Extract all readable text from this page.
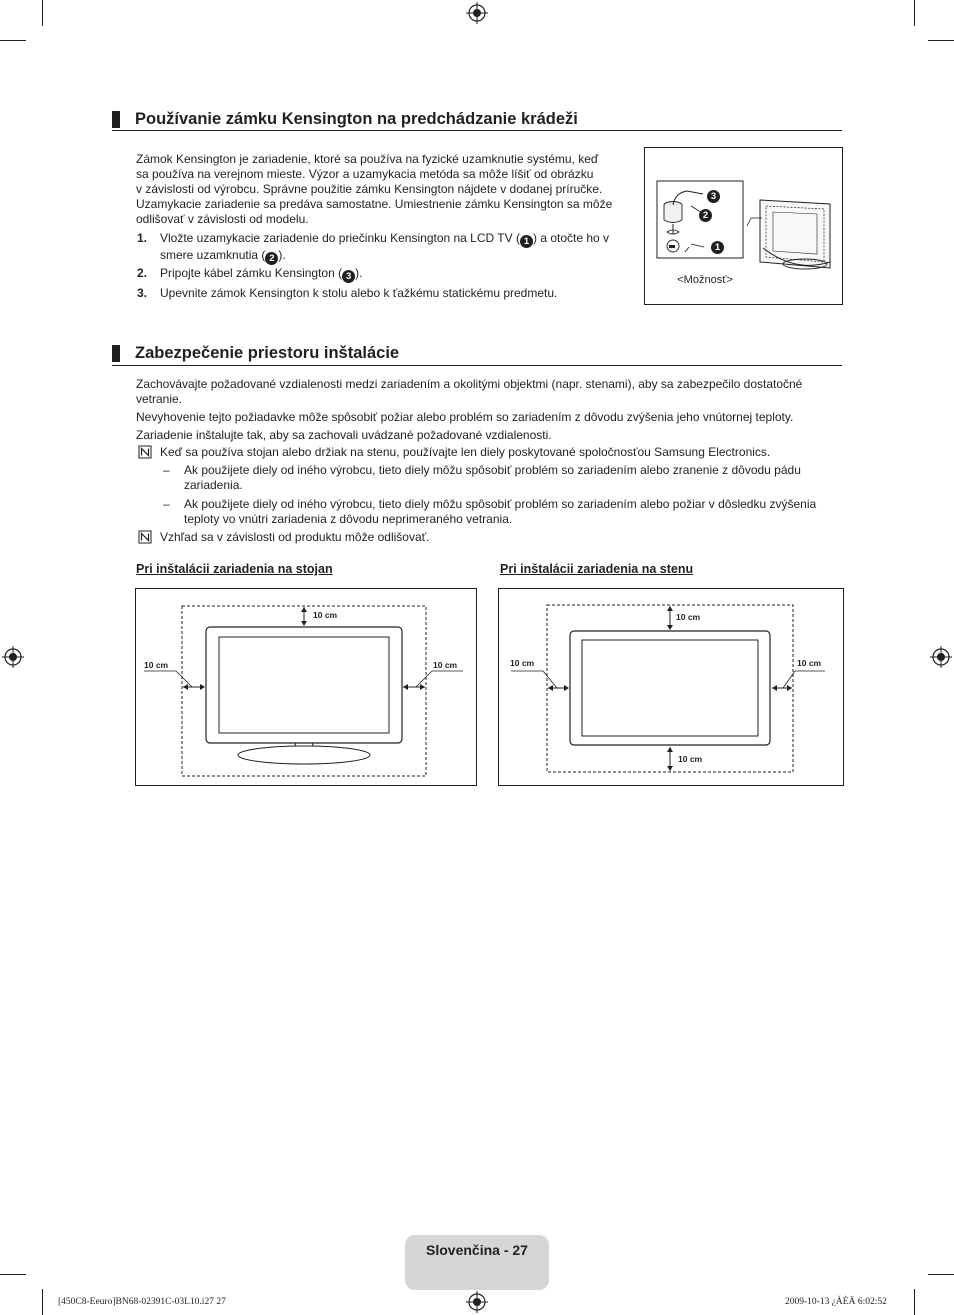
Používanie zámku Kensington na predchádzanie krádeži
Zámok Kensington je zariadenie, ktoré sa používa na fyzické uzamknutie systému, keď
sa používa na verejnom mieste. Výzor a uzamykacia metóda sa môže líšiť od obrázku
v závislosti od výrobcu. Správne použitie zámku Kensington nájdete v dodanej príručke.
Uzamykacie zariadenie sa predáva samostatne. Umiestnenie zámku Kensington sa môže
odlišovať v závislosti od modelu.
1. Vložte uzamykacie zariadenie do priečinku Kensington na LCD TV ( 1 ) a otočte ho v
smere uzamknutia ( 2 ).
2. Pripojte kábel zámku Kensington ( 3 ).
3. Upevnite zámok Kensington k stolu alebo k ťažkému statickému predmetu.
3
2
1
<Možnosť>
Zabezpečenie priestoru inštalácie
Zachovávajte požadované vzdialenosti medzi zariadením a okolitými objektmi (napr. stenami), aby sa zabezpečilo dostatočné
vetranie.
Nevyhovenie tejto požiadavke môže spôsobiť požiar alebo problém so zariadením z dôvodu zvýšenia jeho vnútornej teploty.
Zariadenie inštalujte tak, aby sa zachovali uvádzané požadované vzdialenosti.
Keď sa používa stojan alebo držiak na stenu, používajte len diely poskytované spoločnosťou Samsung Electronics.
– Ak použijete diely od iného výrobcu, tieto diely môžu spôsobiť problém so zariadením alebo zranenie z dôvodu pádu
zariadenia.
– Ak použijete diely od iného výrobcu, tieto diely môžu spôsobiť problém so zariadením alebo požiar v dôsledku zvýšenia
teploty vo vnútri zariadenia z dôvodu neprimeraného vetrania.
Vzhľad sa v závislosti od produktu môže odlišovať.
Pri inštalácii zariadenia na stojan
10 cm
10 cm	10 cm
Pri inštalácii zariadenia na stenu
10 cm
10 cm	10 cm
10 cm
Slovenčina - 27
[450C8-Eeuro]BN68-02391C-03L10.i27 27	2009-10-13 ¿ÀÈÄ 6:02:52
